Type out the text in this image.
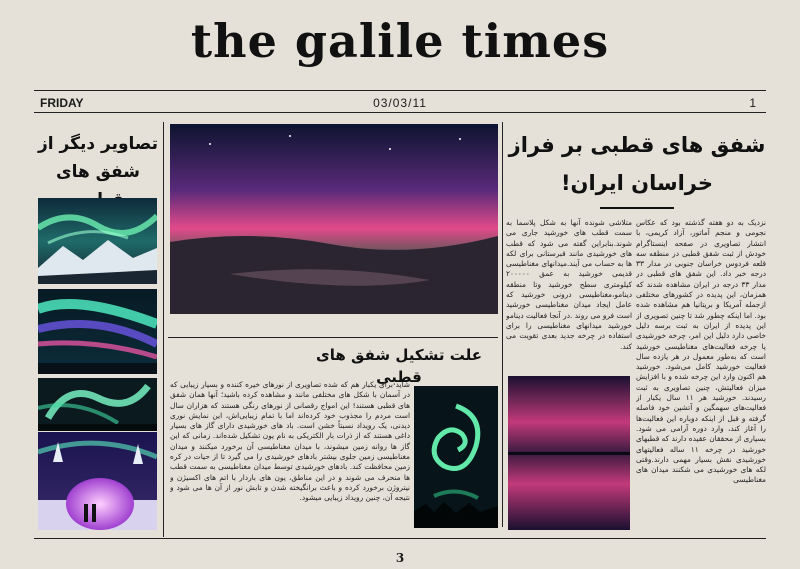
the galile times
FRIDAY	03/03/11	1
تصاویر دیگر از شفق های
شفق های قطبی بر فراز
خراسان ایران!
نزدیک به دو هفته گذشته بود که عکاس نجومی و منجم آماتور، آزاد کریمی، با انتشار تصاویری در صفحه اینستاگرام خودش از ثبت شفق قطبی در منطقه سه قلعه فردوس خراسان جنوبی در مدار ۳۳ درجه خبر داد. این شفق های قطبی در مدار ۳۳ درجه در ایران مشاهده شدند که همزمان، این پدیده در کشورهای مختلفی ازجمله آمریکا و بریتانیا هم مشاهده شده بود. اما اینکه چطور شد تا چنین تصویری از این پدیده از ایران به ثبت برسه دلیل خاصی دارد دلیل این امر، چرخه خورشیدی یا چرخه فعالیت‌های مغناطیسی خورشید است که به‌طور معمول در هر یازده سال فعالیت خورشید کامل می‌شود. خورشید هم اکنون وارد این چرخه شده و با افزایش میزان فعالیتش، چنین تصاویری به ثبت رسیدند. خورشید هر ۱۱ سال یکبار از فعالیت‌های سهمگین و آتشین خود فاصله گرفته و قبل از اینکه دوباره این فعالیت‌ها را آغاز کند، وارد دوره آرامی می شود. بسیاری از محققان عقیده دارند که قطبهای خورشید در چرخه ۱۱ ساله فعالیتهای خورشیدی نقش بسیار مهمی دارند.وقتی لکه های خورشیدی می شکنند میدان های مغناطیسی
متلاشی شونده آنها به شکل پلاسما به سمت قطب های خورشید جاری می شوند.بنابراین گفته می شود که قطب های خورشیدی مانند قبرستانی برای لکه ها به حساب می آیند.میدانهای مغناطیسی قدیمی خورشید به عمق ۲۰۰۰۰۰ کیلومتری سطح خورشید وتا منطقه دینامو،مغناطیسی درونی خورشید که عامل ایجاد میدان مغناطیسی خورشید است فرو می روند .در آنجا فعالیت دینامو خورشید میدانهای مغناطیسی را برای استفاده در چرخه جدید بعدی تقویت می کند.
علت تشکیل شفق های قطبی
شاید برای یکبار هم که شده تصاویری از نورهای خیره کننده و بسیار زیبایی که در آسمان با شکل های مختلفی مانند و مشاهده کرده باشید؛ آنها همان شفق های قطبی هستند! این امواج رقصانی از نورهای رنگی هستند که هزاران سال است مردم را مجذوب خود کرده‌اند اما با تمام زیبایی‌اش، این نمایش نوری دیدنی، یک رویداد نسبتاً خشن است. باد های خورشیدی دارای گاز های بسیار داغی هستند که از ذرات بار الکتریکی به نام یون تشکیل شده‌اند. زمانی که این گاز ها روانه زمین میشوند، با میدان مغناطیسی آن برخورد میکنند و میدان مغناطیسی زمین جلوی بیشتر بادهای خورشیدی را می گیرد تا از حیات در کره زمین محافظت کند. بادهای خورشیدی توسط میدان مغناطیسی به سمت قطب ها منحرف می شوند و در این مناطق، یون های باردار با اتم های اکسیژن و نیتروژن برخورد کرده و باعث برانگیخته شدن و تابش نور از آن ها می شود و نتیجه آن، چنین رویداد زیبایی میشود.
3
